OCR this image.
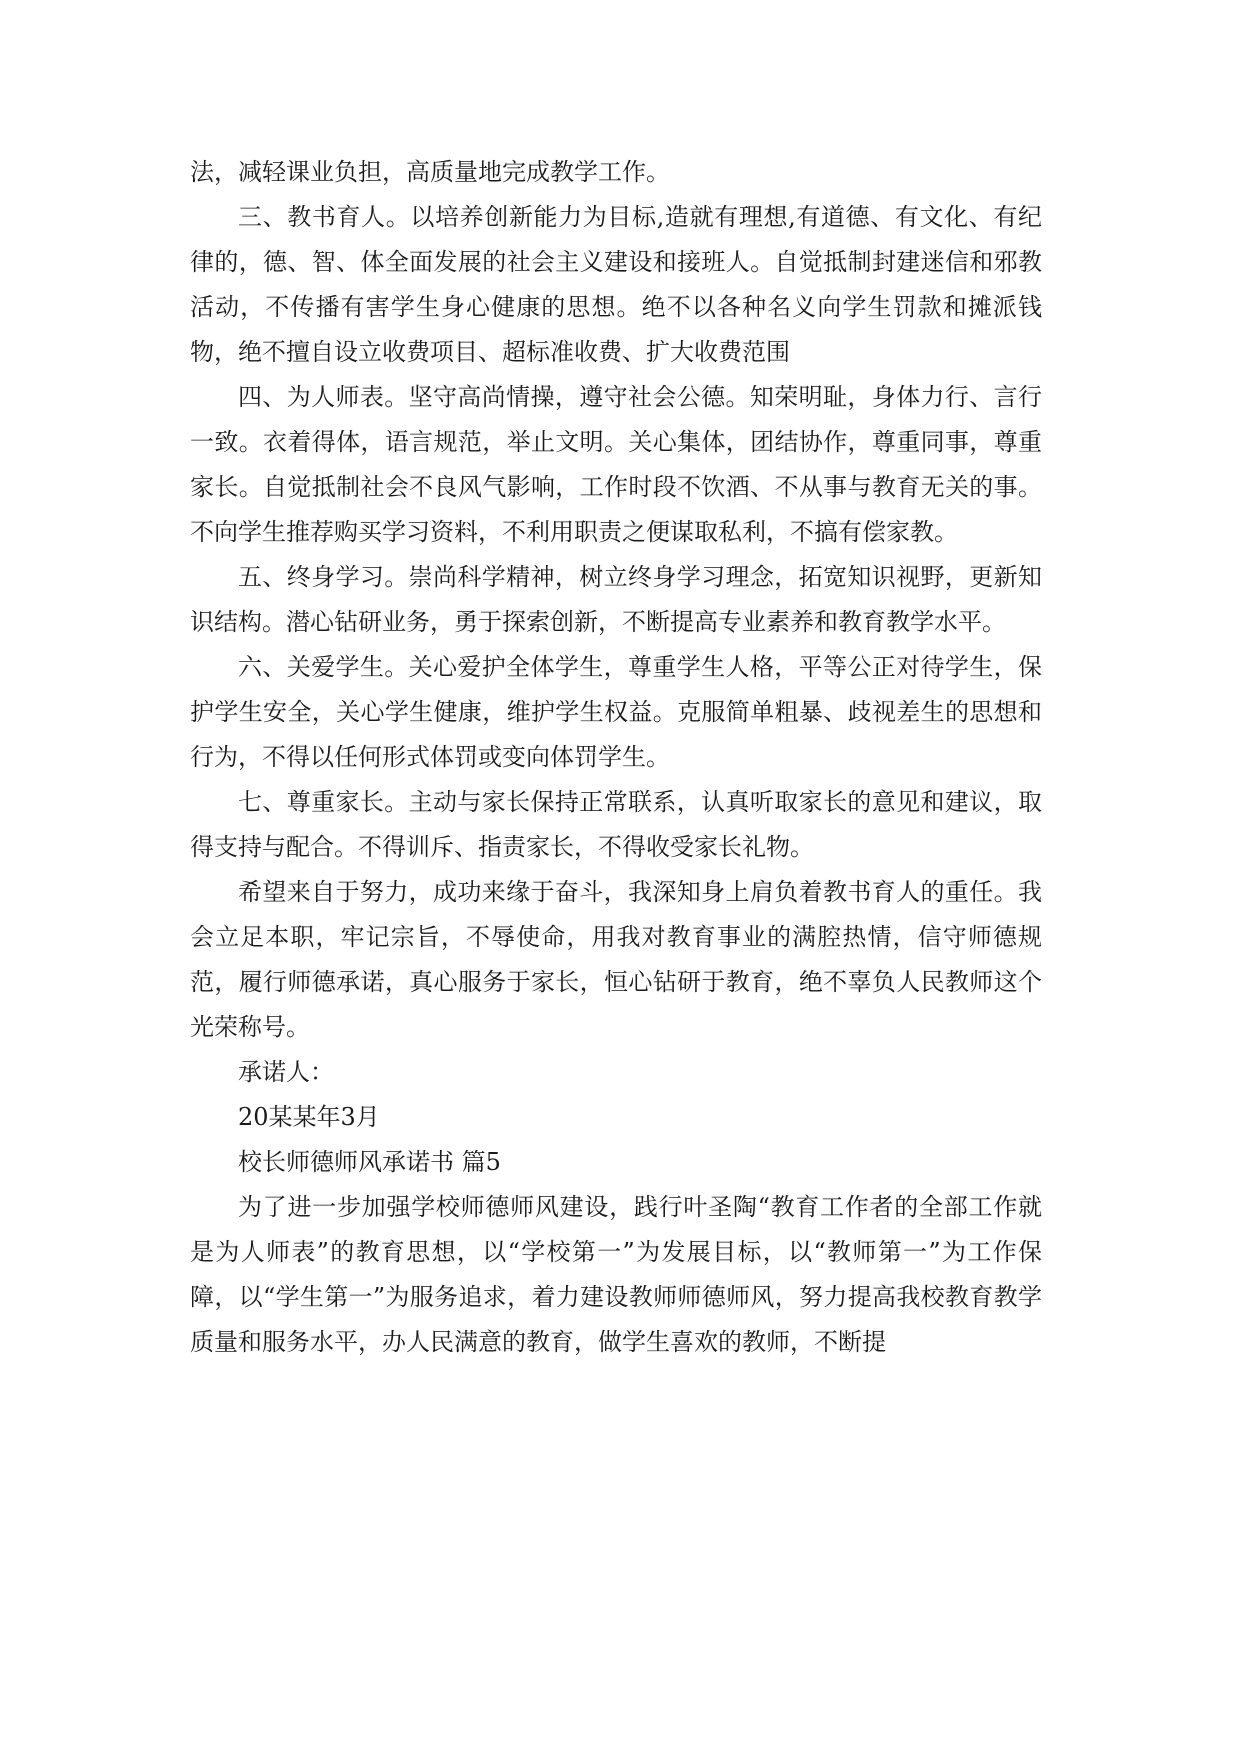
法，减轻课业负担，高质量地完成教学工作。

三、教书育人。以培养创新能力为目标,造就有理想,有道德、有文化、有纪律的，德、智、体全面发展的社会主义建设和接班人。自觉抵制封建迷信和邪教活动，不传播有害学生身心健康的思想。绝不以各种名义向学生罚款和摊派钱物，绝不擅自设立收费项目、超标准收费、扩大收费范围

四、为人师表。坚守高尚情操，遵守社会公德。知荣明耻，身体力行、言行一致。衣着得体，语言规范，举止文明。关心集体，团结协作，尊重同事，尊重家长。自觉抵制社会不良风气影响，工作时段不饮酒、不从事与教育无关的事。不向学生推荐购买学习资料，不利用职责之便谋取私利，不搞有偿家教。

五、终身学习。崇尚科学精神，树立终身学习理念，拓宽知识视野，更新知识结构。潜心钻研业务，勇于探索创新，不断提高专业素养和教育教学水平。

六、关爱学生。关心爱护全体学生，尊重学生人格，平等公正对待学生，保护学生安全，关心学生健康，维护学生权益。克服简单粗暴、歧视差生的思想和行为，不得以任何形式体罚或变向体罚学生。

七、尊重家长。主动与家长保持正常联系，认真听取家长的意见和建议，取得支持与配合。不得训斥、指责家长，不得收受家长礼物。

希望来自于努力，成功来缘于奋斗，我深知身上肩负着教书育人的重任。我会立足本职，牢记宗旨，不辱使命，用我对教育事业的满腔热情，信守师德规范，履行师德承诺，真心服务于家长，恒心钻研于教育，绝不辜负人民教师这个光荣称号。

承诺人：

20某某年3月

校长师德师风承诺书 篇5

为了进一步加强学校师德师风建设，践行叶圣陶“教育工作者的全部工作就是为人师表”的教育思想，以“学校第一”为发展目标，以“教师第一”为工作保障，以“学生第一”为服务追求，着力建设教师师德师风，努力提高我校教育教学质量和服务水平，办人民满意的教育，做学生喜欢的教师，不断提
